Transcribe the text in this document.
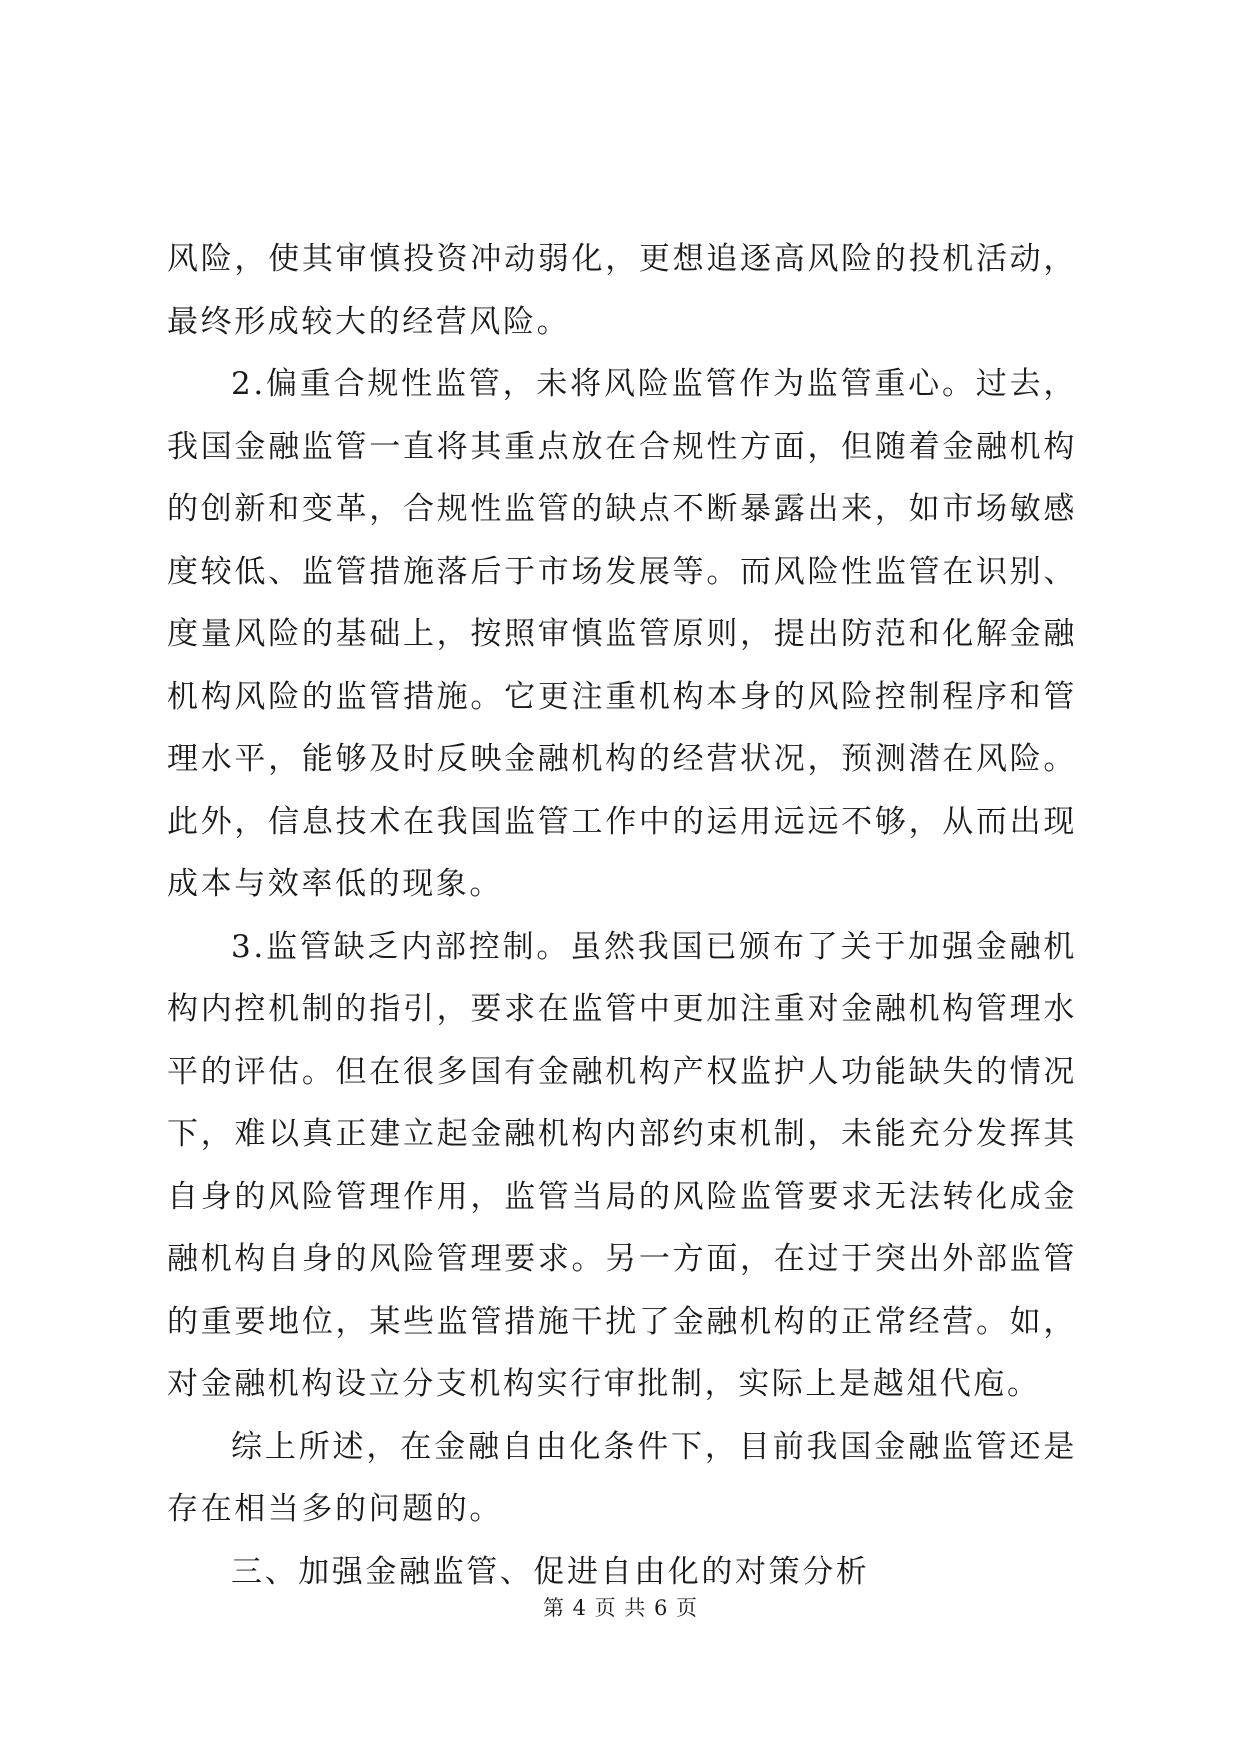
风险，使其审慎投资冲动弱化，更想追逐高风险的投机活动，最终形成较大的经营风险。

2.偏重合规性监管，未将风险监管作为监管重心。过去，我国金融监管一直将其重点放在合规性方面，但随着金融机构的创新和变革，合规性监管的缺点不断暴露出来，如市场敏感度较低、监管措施落后于市场发展等。而风险性监管在识别、度量风险的基础上，按照审慎监管原则，提出防范和化解金融机构风险的监管措施。它更注重机构本身的风险控制程序和管理水平，能够及时反映金融机构的经营状况，预测潜在风险。此外，信息技术在我国监管工作中的运用远远不够，从而出现成本与效率低的现象。

3.监管缺乏内部控制。虽然我国已颁布了关于加强金融机构内控机制的指引，要求在监管中更加注重对金融机构管理水平的评估。但在很多国有金融机构产权监护人功能缺失的情况下，难以真正建立起金融机构内部约束机制，未能充分发挥其自身的风险管理作用，监管当局的风险监管要求无法转化成金融机构自身的风险管理要求。另一方面，在过于突出外部监管的重要地位，某些监管措施干扰了金融机构的正常经营。如，对金融机构设立分支机构实行审批制，实际上是越俎代庖。

综上所述，在金融自由化条件下，目前我国金融监管还是存在相当多的问题的。

三、加强金融监管、促进自由化的对策分析

第 4 页 共 6 页
